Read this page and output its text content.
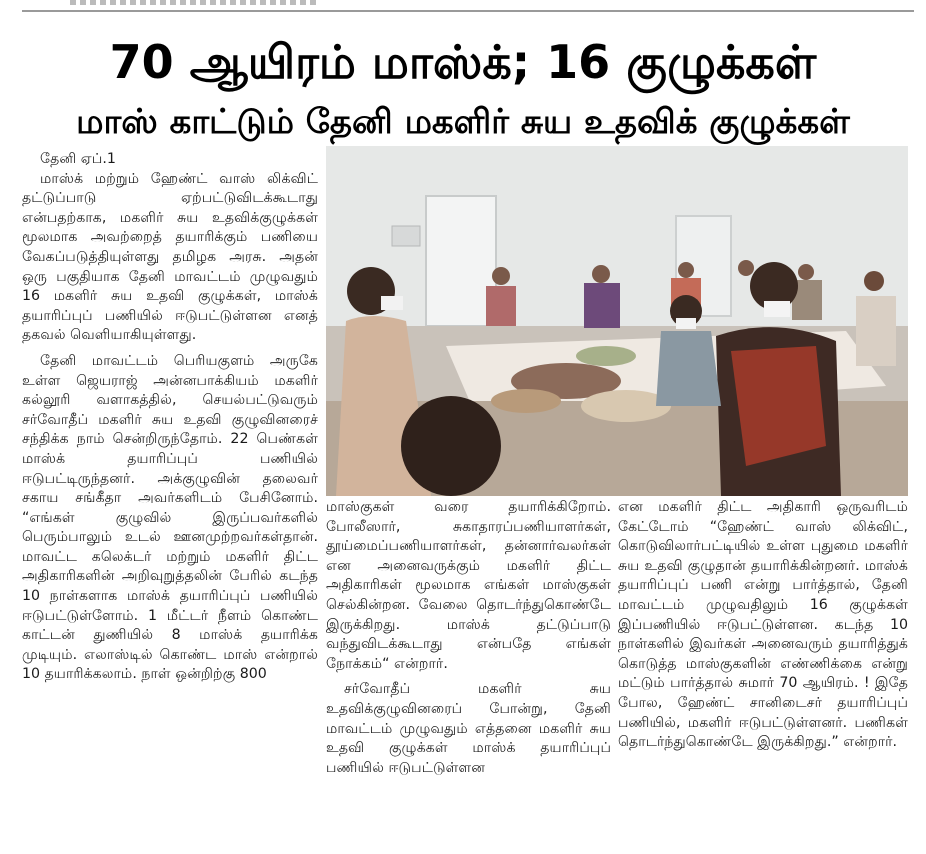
70 ஆயிரம் மாஸ்க்; 16 குழுக்கள்
மாஸ் காட்டும் தேனி மகளிர் சுய உதவிக் குழுக்கள்

தேனி ஏப்.1

மாஸ்க் மற்றும் ஹேண்ட் வாஸ் லிக்விட் தட்டுப்பாடு ஏற்பட்டுவிடக்கூடாது என்பதற்காக, மகளிர் சுய உதவிக்குழுக்கள் மூலமாக அவற்றைத் தயாரிக்கும் பணியை வேகப்படுத்தியுள்ளது தமிழக அரசு. அதன் ஒரு பகுதியாக தேனி மாவட்டம் முழுவதும் 16 மகளிர் சுய உதவி குழுக்கள், மாஸ்க் தயாரிப்புப் பணியில் ஈடுபட்டுள்ளன எனத் தகவல் வெளியாகியுள்ளது.

தேனி மாவட்டம் பெரியகுளம் அருகே உள்ள ஜெயராஜ் அன்னபாக்கியம் மகளிர் கல்லூரி வளாகத்தில், செயல்பட்டுவரும் சர்வோதீப் மகளிர் சுய உதவி குழுவினரைச் சந்திக்க நாம் சென்றிருந்தோம். 22 பெண்கள் மாஸ்க் தயாரிப்புப் பணியில் ஈடுபட்டிருந்தனர். அக்குழுவின் தலைவர் சகாய சங்கீதா அவர்களிடம் பேசினோம். “எங்கள் குழுவில் இருப்பவர்களில் பெரும்பாலும் உடல் ஊனமுற்றவர்கள்தான். மாவட்ட கலெக்டர் மற்றும் மகளிர் திட்ட அதிகாரிகளின் அறிவுறுத்தலின் பேரில் கடந்த 10 நாள்களாக மாஸ்க் தயாரிப்புப் பணியில் ஈடுபட்டுள்ளோம். 1 மீட்டர் நீளம் கொண்ட காட்டன் துணியில் 8 மாஸ்க் தயாரிக்க முடியும். எலாஸ்டில் கொண்ட மாஸ் என்றால் 10 தயாரிக்கலாம். நாள் ஒன்றிற்கு 800

மாஸ்குகள் வரை தயாரிக்கிறோம். போலீஸார், சுகாதாரப்பணியாளர்கள், தூய்மைப்பணியாளர்கள், தன்னார்வலர்கள் என அனைவருக்கும் மகளிர் திட்ட அதிகாரிகள் மூலமாக எங்கள் மாஸ்குகள் செல்கின்றன. வேலை தொடர்ந்துகொண்டே இருக்கிறது. மாஸ்க் தட்டுப்பாடு வந்துவிடக்கூடாது என்பதே எங்கள் நோக்கம்“ என்றார்.

சர்வோதீப் மகளிர் சுய உதவிக்குழுவினரைப் போன்று, தேனி மாவட்டம் முழுவதும் எத்தனை மகளிர் சுய உதவி குழுக்கள் மாஸ்க் தயாரிப்புப் பணியில் ஈடுபட்டுள்ளன

என மகளிர் திட்ட அதிகாரி ஒருவரிடம் கேட்டோம் “ஹேண்ட் வாஸ் லிக்விட், கொடுவிலார்பட்டியில் உள்ள புதுமை மகளிர் சுய உதவி குழுதான் தயாரிக்கின்றனர். மாஸ்க் தயாரிப்புப் பணி என்று பார்த்தால், தேனி மாவட்டம் முழுவதிலும் 16 குழுக்கள் இப்பணியில் ஈடுபட்டுள்ளன. கடந்த 10 நாள்களில் இவர்கள் அனைவரும் தயாரித்துக் கொடுத்த மாஸ்குகளின் எண்ணிக்கை என்று மட்டும் பார்த்தால் சுமார் 70 ஆயிரம். ! இதே போல, ஹேண்ட் சானிடைசர் தயாரிப்புப் பணியில், மகளிர் ஈடுபட்டுள்ளனர். பணிகள் தொடர்ந்துகொண்டே இருக்கிறது.” என்றார்.
